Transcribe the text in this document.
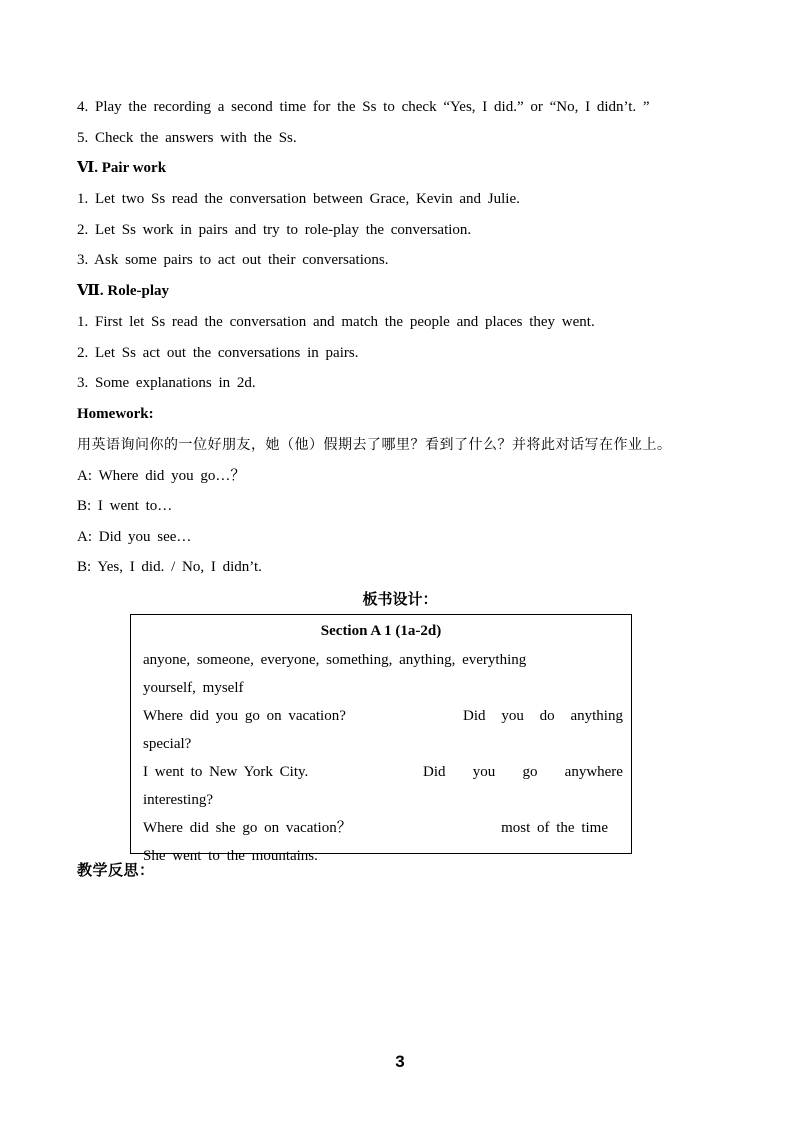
4. Play the recording a second time for the Ss to check “Yes, I did.” or “No, I didn’t. ”
5. Check the answers with the Ss.
Ⅵ. Pair work
1. Let two Ss read the conversation between Grace, Kevin and Julie.
2. Let Ss work in pairs and try to role-play the conversation.
3. Ask some pairs to act out their conversations.
Ⅶ. Role-play
1. First let Ss read the conversation and match the people and places they went.
2. Let Ss act out the conversations in pairs.
3. Some explanations in 2d.
Homework:
用英语询问你的一位好朋友，她（他）假期去了哪里？看到了什么？并将此对话写在作业上。
A: Where did you go…？
B: I went to…
A: Did you see…
B: Yes, I did. / No, I didn’t.
板书设计：
Section A 1 (1a-2d)
anyone, someone, everyone, something, anything, everything
yourself, myself
Where did you go on vacation?	Did you do anything
special?
I went to New York City.	Did you go anywhere
interesting?
Where did she go on vacation？	most of the time
She went to the mountains.
教学反思：
3
